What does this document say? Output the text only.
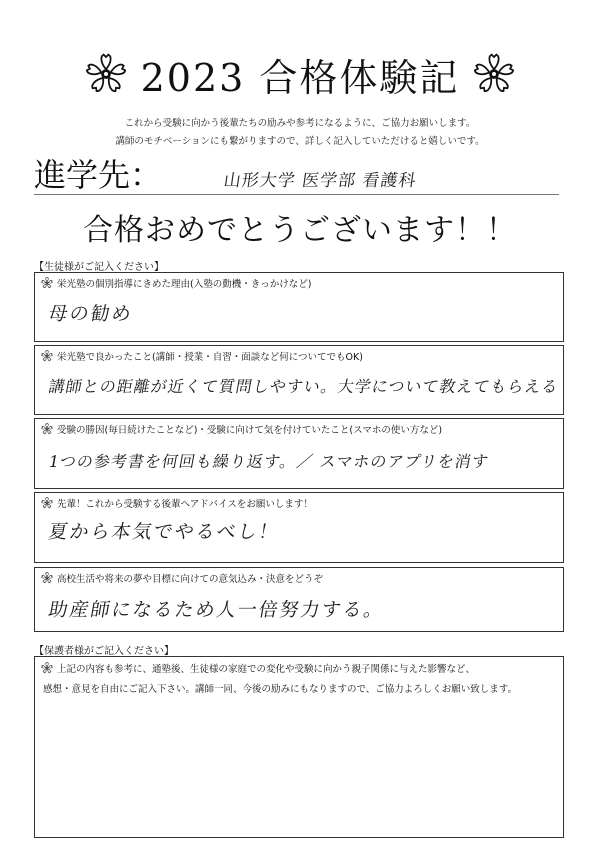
2023 合格体験記
これから受験に向かう後輩たちの励みや参考になるように、ご協力お願いします。
講師のモチベーションにも繋がりますので、詳しく記入していただけると嬉しいです。
進学先：	山形大学 医学部 看護科
合格おめでとうございます！！
【生徒様がご記入ください】
栄光塾の個別指導にきめた理由(入塾の動機・きっかけなど)
母の勧め
栄光塾で良かったこと(講師・授業・自習・面談など何についてでもOK)
講師との距離が近くて質問しやすい。大学について教えてもらえる
受験の勝因(毎日続けたことなど)・受験に向けて気を付けていたこと(スマホの使い方など)
1つの参考書を何回も繰り返す。／ スマホのアプリを消す
先輩！これから受験する後輩へアドバイスをお願いします！
夏から本気でやるべし！
高校生活や将来の夢や目標に向けての意気込み・決意をどうぞ
助産師になるため人一倍努力する。
【保護者様がご記入ください】
上記の内容も参考に、通塾後、生徒様の家庭での変化や受験に向かう親子関係に与えた影響など、
感想・意見を自由にご記入下さい。講師一同、今後の励みにもなりますので、ご協力よろしくお願い致します。
